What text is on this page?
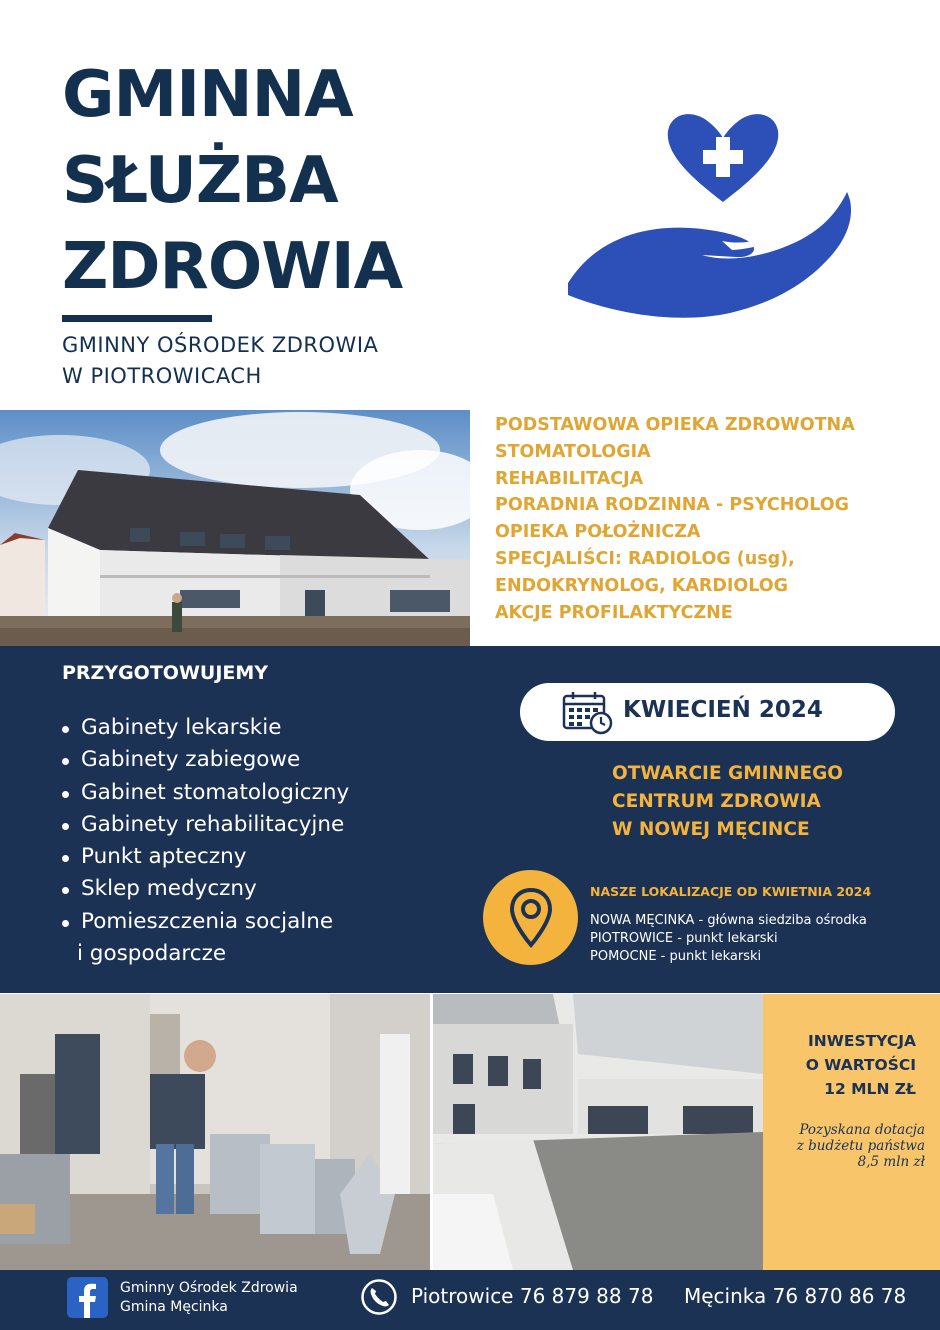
GMINNA
SŁUŻBA
ZDROWIA
GMINNY OŚRODEK ZDROWIA
W PIOTROWICACH
PODSTAWOWA OPIEKA ZDROWOTNA
STOMATOLOGIA
REHABILITACJA
PORADNIA RODZINNA - PSYCHOLOG
OPIEKA POŁOŻNICZA
SPECJALIŚCI: RADIOLOG (usg),
ENDOKRYNOLOG, KARDIOLOG
AKCJE PROFILAKTYCZNE
PRZYGOTOWUJEMY
Gabinety lekarskie
Gabinety zabiegowe
Gabinet stomatologiczny
Gabinety rehabilitacyjne
Punkt apteczny
Sklep medyczny
Pomieszczenia socjalne
i gospodarcze
KWIECIEŃ 2024
OTWARCIE GMINNEGO
CENTRUM ZDROWIA
W NOWEJ MĘCINCE
NASZE LOKALIZACJE OD KWIETNIA 2024
NOWA MĘCINKA - główna siedziba ośrodka
PIOTROWICE - punkt lekarski
POMOCNE - punkt lekarski
INWESTYCJA
O WARTOŚCI
12 MLN ZŁ
Pozyskana dotacja
z budżetu państwa
8,5 mln zł
Gminny Ośrodek Zdrowia
Gmina Męcinka	Piotrowice 76 879 88 78 Męcinka 76 870 86 78
